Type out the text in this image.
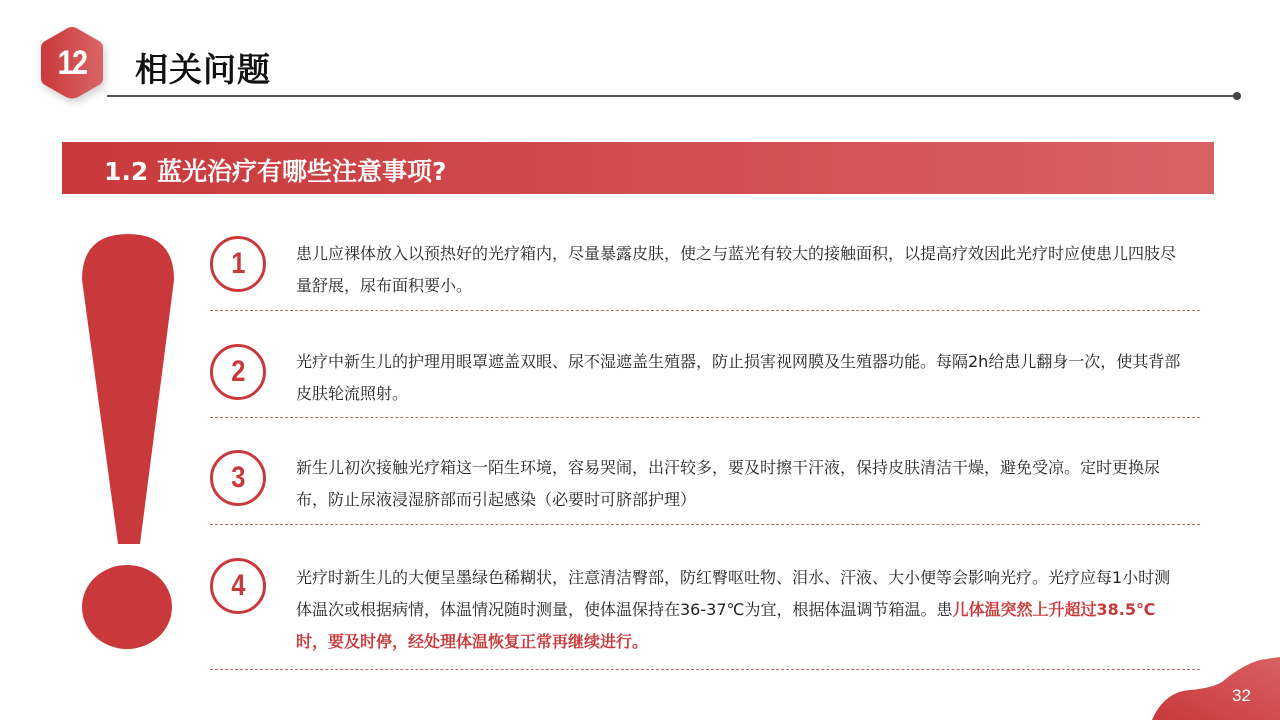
12	相关问题
1.2 蓝光治疗有哪些注意事项?
1	患儿应裸体放入以预热好的光疗箱内，尽量暴露皮肤，使之与蓝光有较大的接触面积，以提高疗效因此光疗时应使患儿四肢尽量舒展，尿布面积要小。
2	光疗中新生儿的护理用眼罩遮盖双眼、尿不湿遮盖生殖器，防止损害视网膜及生殖器功能。每隔2h给患儿翻身一次，使其背部皮肤轮流照射。
3	新生儿初次接触光疗箱这一陌生环境，容易哭闹，出汗较多，要及时擦干汗液，保持皮肤清洁干燥，避免受凉。定时更换尿布，防止尿液浸湿脐部而引起感染（必要时可脐部护理）
4	光疗时新生儿的大便呈墨绿色稀糊状，注意清洁臀部，防红臀呕吐物、泪水、汗液、大小便等会影响光疗。光疗应每1小时测体温次或根据病情，体温情况随时测量，使体温保持在36-37℃为宜，根据体温调节箱温。患儿体温突然上升超过38.5℃时，要及时停，经处理体温恢复正常再继续进行。
32
